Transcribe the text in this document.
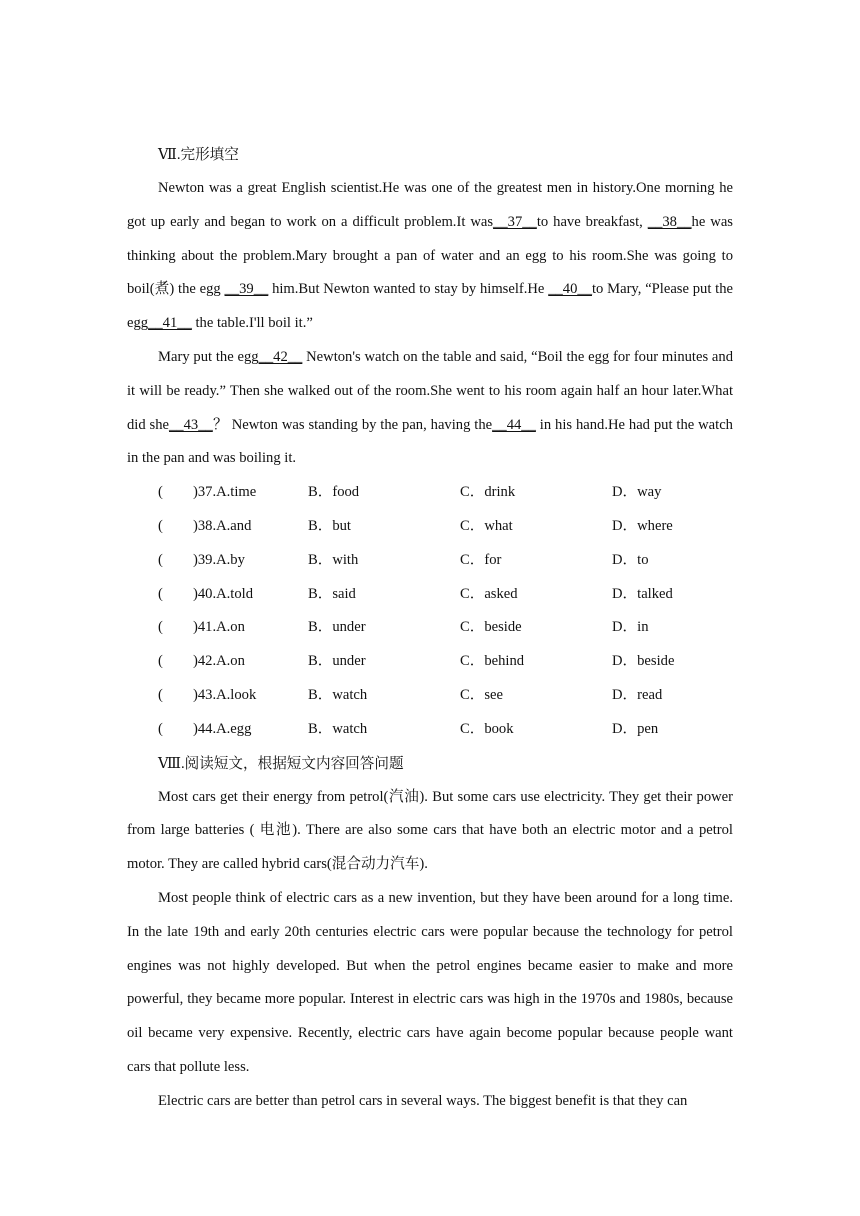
Ⅶ.完形填空

Newton was a great English scientist.He was one of the greatest men in history.One morning he got up early and began to work on a difficult problem.It was__37__to have breakfast, __38__he was thinking about the problem.Mary brought a pan of water and an egg to his room.She was going to boil(煮) the egg __39__ him.But Newton wanted to stay by himself.He __40__to Mary, “Please put the egg__41__ the table.I'll boil it.”

Mary put the egg__42__ Newton's watch on the table and said, “Boil the egg for four minutes and it will be ready.” Then she walked out of the room.She went to his room again half an hour later.What did she__43__？ Newton was standing by the pan, having the__44__ in his hand.He had put the watch in the pan and was boiling it.

( )37.A.time	B．food	C．drink	D．way
( )38.A.and	B．but	C．what	D．where
( )39.A.by	B．with	C．for	D．to
( )40.A.told	B．said	C．asked	D．talked
( )41.A.on	B．under	C．beside	D．in
( )42.A.on	B．under	C．behind	D．beside
( )43.A.look	B．watch	C．see	D．read
( )44.A.egg	B．watch	C．book	D．pen
Ⅷ.阅读短文，根据短文内容回答问题

Most cars get their energy from petrol(汽油). But some cars use electricity. They get their power from large batteries ( 电池). There are also some cars that have both an electric motor and a petrol motor. They are called hybrid cars(混合动力汽车).

Most people think of electric cars as a new invention, but they have been around for a long time. In the late 19th and early 20th centuries electric cars were popular because the technology for petrol engines was not highly developed. But when the petrol engines became easier to make and more powerful, they became more popular. Interest in electric cars was high in the 1970s and 1980s, because oil became very expensive. Recently, electric cars have again become popular because people want cars that pollute less.

Electric cars are better than petrol cars in several ways. The biggest benefit is that they can
